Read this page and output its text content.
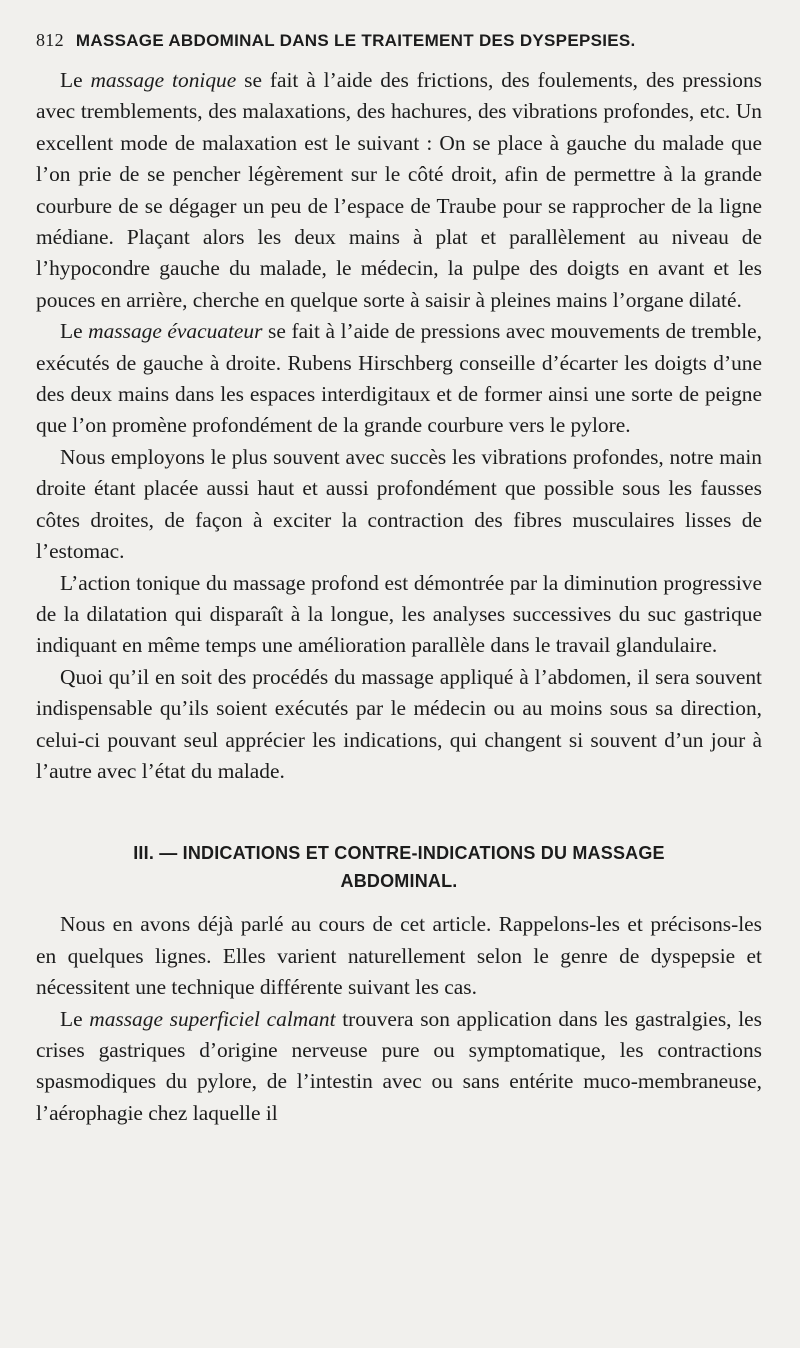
812 MASSAGE ABDOMINAL DANS LE TRAITEMENT DES DYSPEPSIES.

Le massage tonique se fait à l’aide des frictions, des foulements, des pressions avec tremblements, des malaxations, des hachures, des vibrations profondes, etc. Un excellent mode de malaxation est le suivant : On se place à gauche du malade que l’on prie de se pencher légèrement sur le côté droit, afin de permettre à la grande courbure de se dégager un peu de l’espace de Traube pour se rapprocher de la ligne médiane. Plaçant alors les deux mains à plat et parallèlement au niveau de l’hypocondre gauche du malade, le médecin, la pulpe des doigts en avant et les pouces en arrière, cherche en quelque sorte à saisir à pleines mains l’organe dilaté.

Le massage évacuateur se fait à l’aide de pressions avec mouvements de tremble, exécutés de gauche à droite. Rubens Hirschberg conseille d’écarter les doigts d’une des deux mains dans les espaces interdigitaux et de former ainsi une sorte de peigne que l’on promène profondément de la grande courbure vers le pylore.

Nous employons le plus souvent avec succès les vibrations profondes, notre main droite étant placée aussi haut et aussi profondément que possible sous les fausses côtes droites, de façon à exciter la contraction des fibres musculaires lisses de l’estomac.

L’action tonique du massage profond est démontrée par la diminution progressive de la dilatation qui disparaît à la longue, les analyses successives du suc gastrique indiquant en même temps une amélioration parallèle dans le travail glandulaire.

Quoi qu’il en soit des procédés du massage appliqué à l’abdomen, il sera souvent indispensable qu’ils soient exécutés par le médecin ou au moins sous sa direction, celui-ci pouvant seul apprécier les indications, qui changent si souvent d’un jour à l’autre avec l’état du malade.

III. — INDICATIONS ET CONTRE-INDICATIONS DU MASSAGE ABDOMINAL.

Nous en avons déjà parlé au cours de cet article. Rappelons-les et précisons-les en quelques lignes. Elles varient naturellement selon le genre de dyspepsie et nécessitent une technique différente suivant les cas.

Le massage superficiel calmant trouvera son application dans les gastralgies, les crises gastriques d’origine nerveuse pure ou symptomatique, les contractions spasmodiques du pylore, de l’intestin avec ou sans entérite muco-membraneuse, l’aérophagie chez laquelle il
